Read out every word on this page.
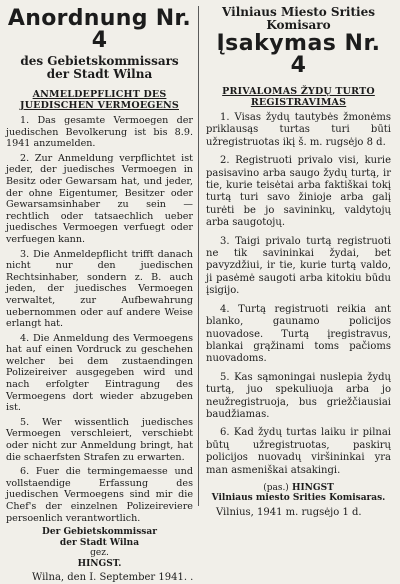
Anordnung Nr. 4
des Gebietskommissars
der Stadt Wilna
ANMELDEPFLICHT DES JUEDISCHEN VERMOEGENS

1. Das gesamte Vermoegen der juedischen Bevolkerung ist bis 8.9. 1941 anzumelden.

2. Zur Anmeldung verpflichtet ist jeder, der juedisches Vermoegen in Besitz oder Gewarsam hat, und jeder, der ohne Eigentumer, Besitzer oder Gewarsamsinhaber zu sein — rechtlich oder tatsaechlich ueber juedisches Vermoegen verfuegt oder verfuegen kann.

3. Die Anmeldepflicht trifft danach nicht nur den juedischen Rechtsinhaber, sondern z. B. auch jeden, der juedisches Vermoegen verwaltet, zur Aufbewahrung uebernommen oder auf andere Weise erlangt hat.

4. Die Anmeldung des Vermoegens hat auf einen Vordruck zu geschehen welcher bei dem zustaendingen Polizeireiver ausgegeben wird und nach erfolgter Eintragung des Vermoegens dort wieder abzugeben ist.

5. Wer wissentlich juedisches Vermoegen verschleiert, verschiebt oder nicht zur Anmeldung bringt, hat die schaerfsten Strafen zu erwarten.

6. Fuer die termingemaesse und vollstaendige Erfassung des juedischen Vermoegens sind mir die Chef's der einzelnen Polizeireviere persoenlich verantwortlich.

Der Gebietskommissar
der Stadt Wilna
gez.
HINGST.
Wilna, den I. September 1941. .
Vilniaus Miesto Srities
Komisaro
Įsakymas Nr. 4
PRIVALOMAS ŽYDŲ TURTO REGISTRAVIMAS

1. Visas žydų tautybės žmonėms priklausąs turtas turi būti užregistruotas ikį š. m. rugsėjo 8 d.

2. Registruoti privalo visi, kurie pasisavino arba saugo žydų turtą, ir tie, kurie teisėtai arba faktiškai tokį turtą turi savo žinioje arba galį turėti be jo savininkų, valdytojų arba saugotojų.

3. Taigi privalo turtą registruoti ne tik savininkai žydai, bet pavyzdžiui, ir tie, kurie turtą valdo, ji pasėmė saugoti arba kitokiu būdu įsigijo.

4. Turtą registruoti reikia ant blanko, gaunamo policijos nuovadose. Turtą įregistravus, blankai grąžinami toms pačioms nuovadoms.

5. Kas sąmoningai nuslepia žydų turtą, juo spekuliuoja arba jo neužregistruoja, bus griežčiausiai baudžiamas.

6. Kad žydų turtas laiku ir pilnai būtų užregistruotas, paskirų policijos nuovadų viršininkai yra man asmeniškai atsakingi.

(pas.) HINGST
Vilniaus miesto Srities Komisaras.
Vilnius, 1941 m. rugsėjo 1 d.
